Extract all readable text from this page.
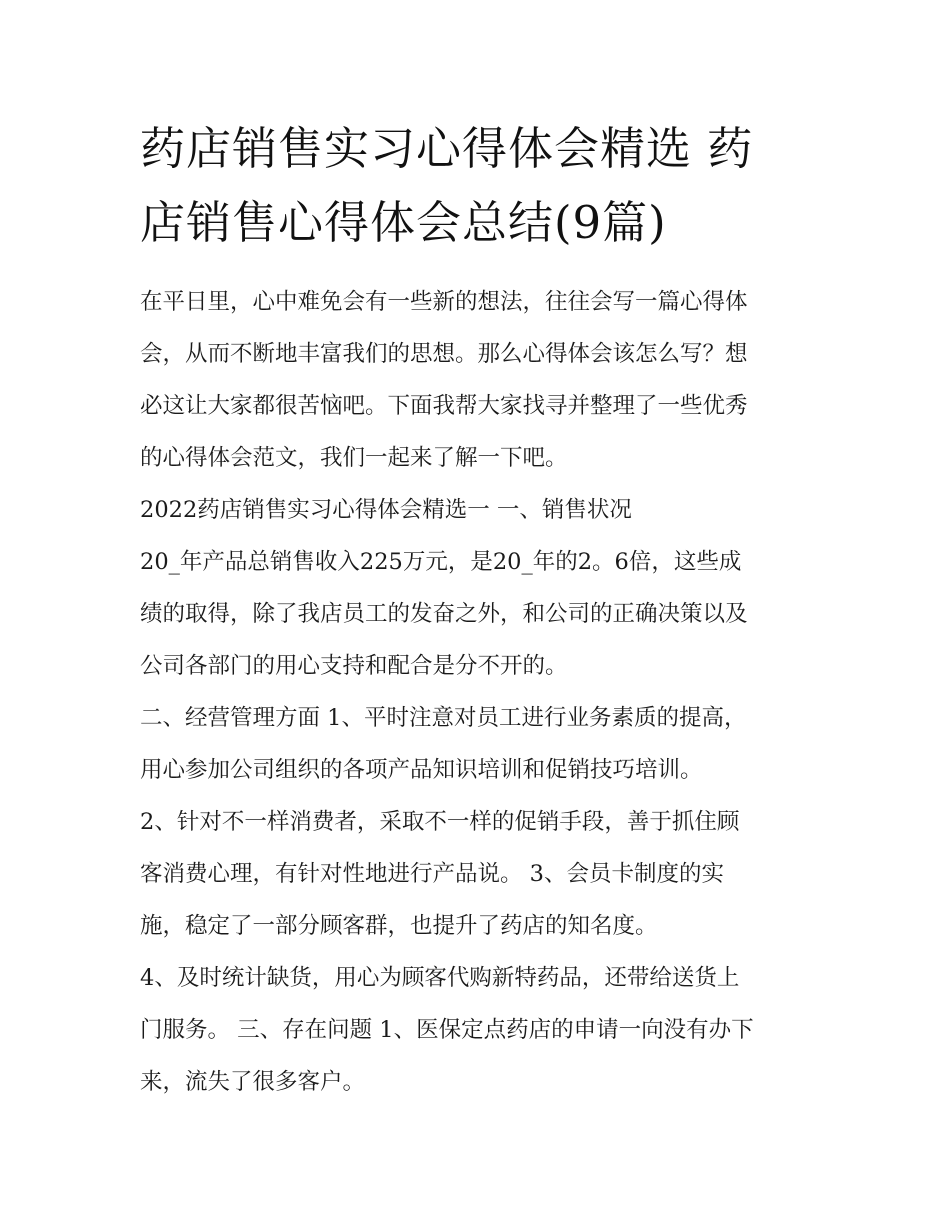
药店销售实习心得体会精选 药
店销售心得体会总结(9篇)

在平日里，心中难免会有一些新的想法，往往会写一篇心得体
会，从而不断地丰富我们的思想。那么心得体会该怎么写？想
必这让大家都很苦恼吧。下面我帮大家找寻并整理了一些优秀
的心得体会范文，我们一起来了解一下吧。

2022药店销售实习心得体会精选一 一、销售状况

20_年产品总销售收入225万元，是20_年的2。6倍，这些成
绩的取得，除了我店员工的发奋之外，和公司的正确决策以及
公司各部门的用心支持和配合是分不开的。

二、经营管理方面 1、平时注意对员工进行业务素质的提高，
用心参加公司组织的各项产品知识培训和促销技巧培训。

2、针对不一样消费者，采取不一样的促销手段，善于抓住顾
客消费心理，有针对性地进行产品说。 3、会员卡制度的实
施，稳定了一部分顾客群，也提升了药店的知名度。

4、及时统计缺货，用心为顾客代购新特药品，还带给送货上
门服务。 三、存在问题 1、医保定点药店的申请一向没有办下
来，流失了很多客户。
